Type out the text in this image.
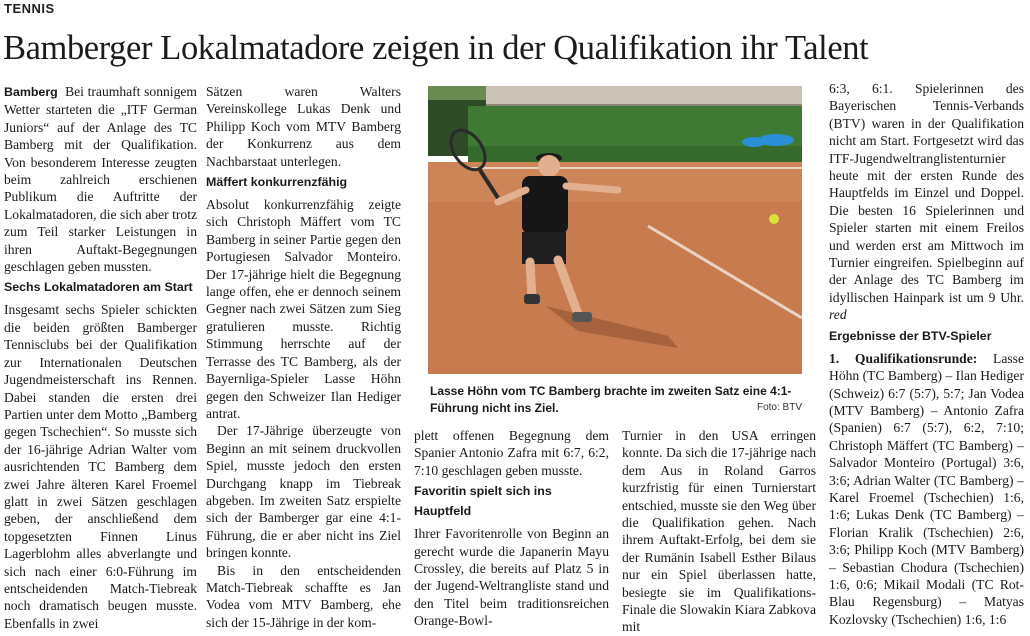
TENNIS
Bamberger Lokalmatadore zeigen in der Qualifikation ihr Talent

Bamberg Bei traumhaft sonnigem Wetter starteten die „ITF German Juniors“ auf der Anlage des TC Bamberg mit der Qualifikation. Von besonderem Interesse zeugten beim zahlreich erschienen Publikum die Auftritte der Lokalmatadoren, die sich aber trotz zum Teil starker Leistungen in ihren Auftakt-Begegnungen geschlagen geben mussten.

Sechs Lokalmatadoren am Start

Insgesamt sechs Spieler schickten die beiden größten Bamberger Tennisclubs bei der Qualifikation zur Internationalen Deutschen Jugendmeisterschaft ins Rennen. Dabei standen die ersten drei Partien unter dem Motto „Bamberg gegen Tschechien“. So musste sich der 16-jährige Adrian Walter vom ausrichtenden TC Bamberg dem zwei Jahre älteren Karel Froemel glatt in zwei Sätzen geschlagen geben, der anschließend dem topgesetzten Finnen Linus Lagerblohm alles abverlangte und sich nach einer 6:0-Führung im entscheidenden Match-Tiebreak noch dramatisch beugen musste. Ebenfalls in zwei

Sätzen waren Walters Vereinskollege Lukas Denk und Philipp Koch vom MTV Bamberg der Konkurrenz aus dem Nachbarstaat unterlegen.

Mäffert konkurrenzfähig

Absolut konkurrenzfähig zeigte sich Christoph Mäffert vom TC Bamberg in seiner Partie gegen den Portugiesen Salvador Monteiro. Der 17-jährige hielt die Begegnung lange offen, ehe er dennoch seinem Gegner nach zwei Sätzen zum Sieg gratulieren musste. Richtig Stimmung herrschte auf der Terrasse des TC Bamberg, als der Bayernliga-Spieler Lasse Höhn gegen den Schweizer Ilan Hediger antrat.

Der 17-Jährige überzeugte von Beginn an mit seinem druckvollen Spiel, musste jedoch den ersten Durchgang knapp im Tiebreak abgeben. Im zweiten Satz erspielte sich der Bamberger gar eine 4:1-Führung, die er aber nicht ins Ziel bringen konnte.

Bis in den entscheidenden Match-Tiebreak schaffte es Jan Vodea vom MTV Bamberg, ehe sich der 15-Jährige in der kom-

Lasse Höhn vom TC Bamberg brachte im zweiten Satz eine 4:1-Führung nicht ins Ziel.	Foto: BTV

plett offenen Begegnung dem Spanier Antonio Zafra mit 6:7, 6:2, 7:10 geschlagen geben musste.

Favoritin spielt sich ins Hauptfeld

Ihrer Favoritenrolle von Beginn an gerecht wurde die Japanerin Mayu Crossley, die bereits auf Platz 5 in der Jugend-Weltrangliste stand und den Titel beim traditionsreichen Orange-Bowl-

Turnier in den USA erringen konnte. Da sich die 17-jährige nach dem Aus in Roland Garros kurzfristig für einen Turnierstart entschied, musste sie den Weg über die Qualifikation gehen. Nach ihrem Auftakt-Erfolg, bei dem sie der Rumänin Isabell Esther Bilaus nur ein Spiel überlassen hatte, besiegte sie im Qualifikations-Finale die Slowakin Kiara Zabkova mit

6:3, 6:1. Spielerinnen des Bayerischen Tennis-Verbands (BTV) waren in der Qualifikation nicht am Start. Fortgesetzt wird das ITF-Jugendweltranglistenturnier heute mit der ersten Runde des Hauptfelds im Einzel und Doppel. Die besten 16 Spielerinnen und Spieler starten mit einem Freilos und werden erst am Mittwoch im Turnier eingreifen. Spielbeginn auf der Anlage des TC Bamberg im idyllischen Hainpark ist um 9 Uhr. red

Ergebnisse der BTV-Spieler

1. Qualifikationsrunde: Lasse Höhn (TC Bamberg) – Ilan Hediger (Schweiz) 6:7 (5:7), 5:7; Jan Vodea (MTV Bamberg) – Antonio Zafra (Spanien) 6:7 (5:7), 6:2, 7:10; Christoph Mäffert (TC Bamberg) – Salvador Monteiro (Portugal) 3:6, 3:6; Adrian Walter (TC Bamberg) – Karel Froemel (Tschechien) 1:6, 1:6; Lukas Denk (TC Bamberg) – Florian Kralik (Tschechien) 2:6, 3:6; Philipp Koch (MTV Bamberg) – Sebastian Chodura (Tschechien) 1:6, 0:6; Mikail Modali (TC Rot-Blau Regensburg) – Matyas Kozlovsky (Tschechien) 1:6, 1:6
